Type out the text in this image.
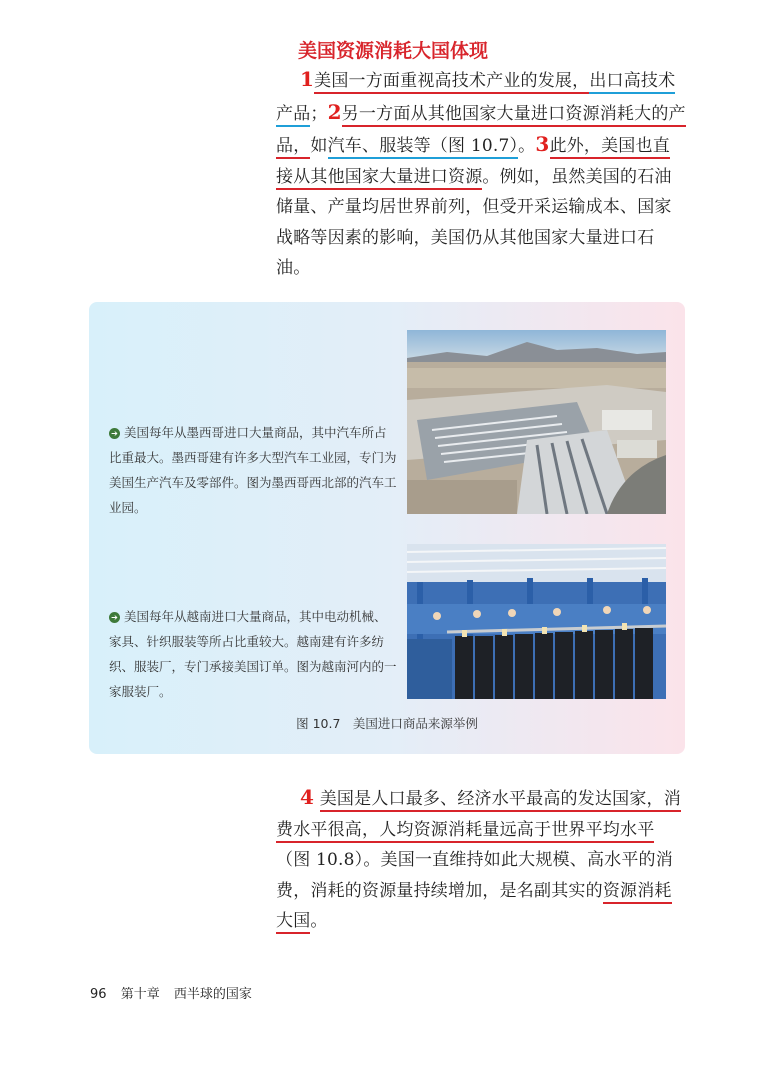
美国资源消耗大国体现
1美国一方面重视高技术产业的发展，出口高技术产品；2另一方面从其他国家大量进口资源消耗大的产品，如汽车、服装等（图 10.7）。3此外，美国也直接从其他国家大量进口资源。例如，虽然美国的石油储量、产量均居世界前列，但受开采运输成本、国家战略等因素的影响，美国仍从其他国家大量进口石油。
➔ 美国每年从墨西哥进口大量商品，其中汽车所占比重最大。墨西哥建有许多大型汽车工业园，专门为美国生产汽车及零部件。图为墨西哥西北部的汽车工业园。
➔ 美国每年从越南进口大量商品，其中电动机械、家具、针织服装等所占比重较大。越南建有许多纺织、服装厂，专门承接美国订单。图为越南河内的一家服装厂。
图 10.7　美国进口商品来源举例
4 美国是人口最多、经济水平最高的发达国家，消费水平很高，人均资源消耗量远高于世界平均水平（图 10.8）。美国一直维持如此大规模、高水平的消费，消耗的资源量持续增加，是名副其实的资源消耗大国。
96 第十章 西半球的国家
